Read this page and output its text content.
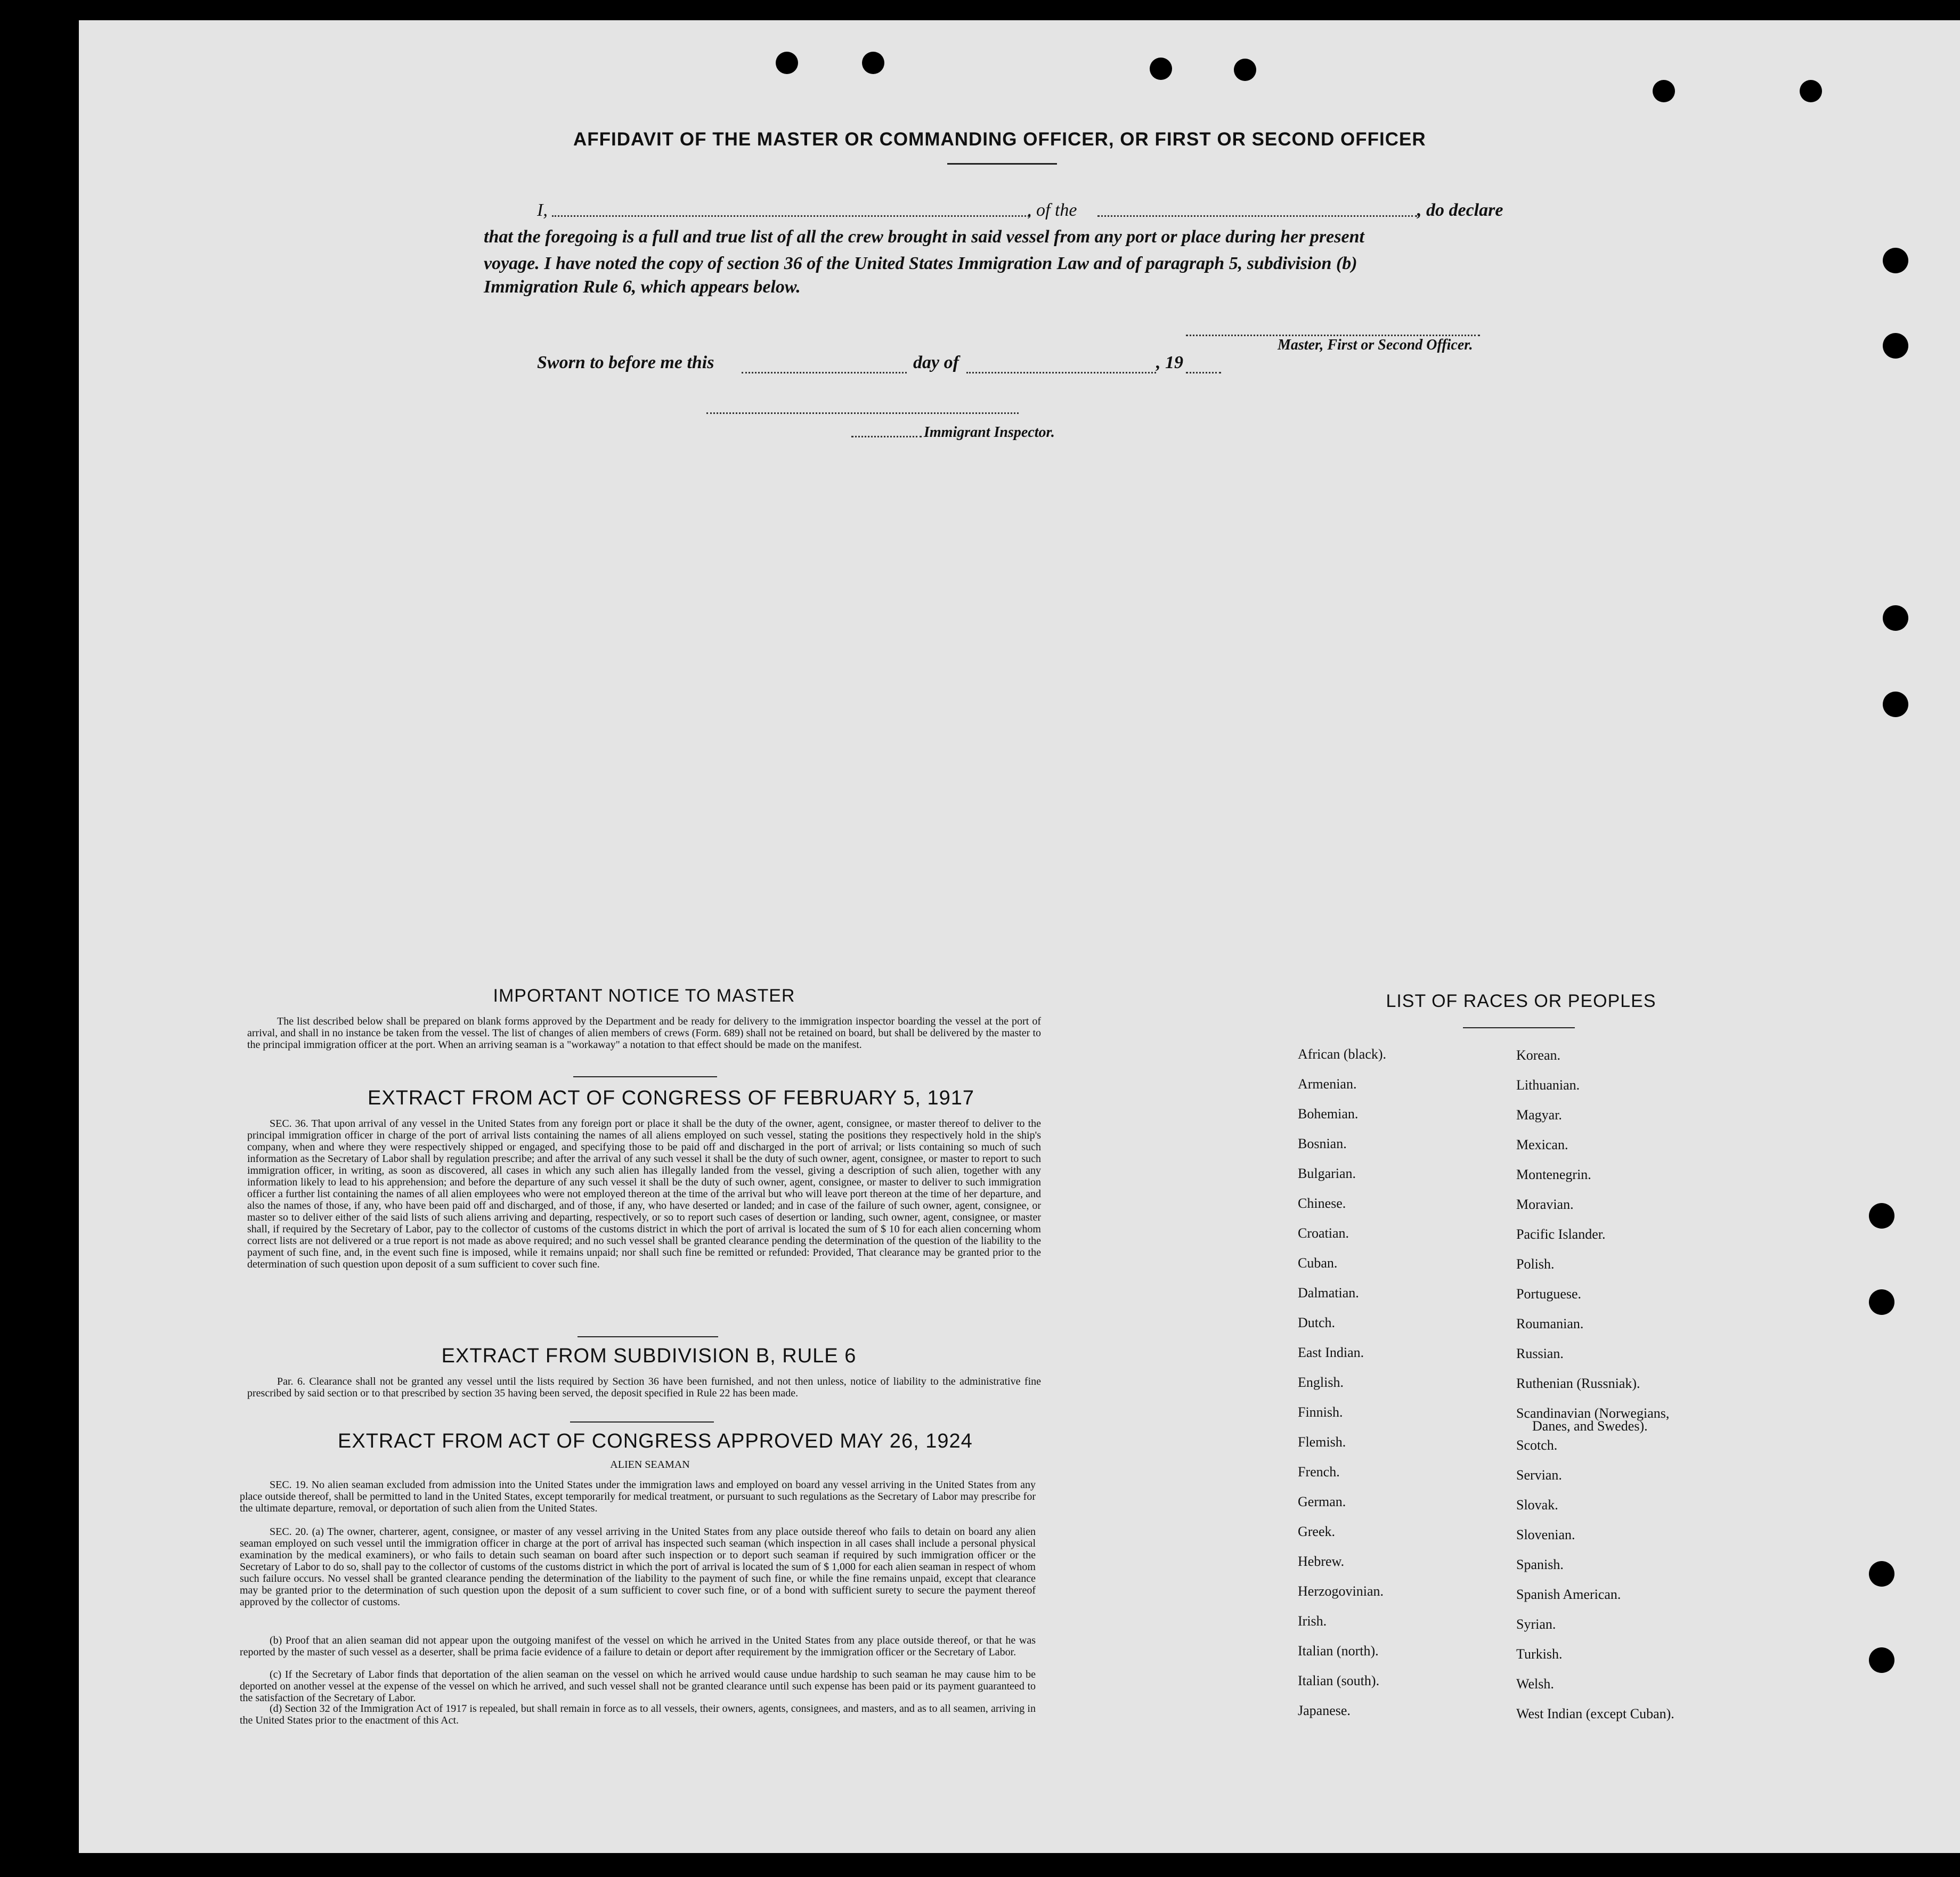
AFFIDAVIT OF THE MASTER OR COMMANDING OFFICER, OR FIRST OR SECOND OFFICER
I,	, of the	, do declare
that the foregoing is a full and true list of all the crew brought in said vessel from any port or place during her present
voyage. I have noted the copy of section 36 of the United States Immigration Law and of paragraph 5, subdivision (b)
Immigration Rule 6, which appears below.
Master, First or Second Officer.
Sworn to before me this	day of	, 19
Immigrant Inspector.
IMPORTANT NOTICE TO MASTER
The list described below shall be prepared on blank forms approved by the Department and be ready for delivery to the immigration inspector boarding the vessel at the port of arrival, and shall in no instance be taken from the vessel. The list of changes of alien members of crews (Form. 689) shall not be retained on board, but shall be delivered by the master to the principal immigration officer at the port. When an arriving seaman is a "workaway" a notation to that effect should be made on the manifest.
EXTRACT FROM ACT OF CONGRESS OF FEBRUARY 5, 1917
SEC. 36. That upon arrival of any vessel in the United States from any foreign port or place it shall be the duty of the owner, agent, consignee, or master thereof to deliver to the principal immigration officer in charge of the port of arrival lists containing the names of all aliens employed on such vessel, stating the positions they respectively hold in the ship's company, when and where they were respectively shipped or engaged, and specifying those to be paid off and discharged in the port of arrival; or lists containing so much of such information as the Secretary of Labor shall by regulation prescribe; and after the arrival of any such vessel it shall be the duty of such owner, agent, consignee, or master to report to such immigration officer, in writing, as soon as discovered, all cases in which any such alien has illegally landed from the vessel, giving a description of such alien, together with any information likely to lead to his apprehension; and before the departure of any such vessel it shall be the duty of such owner, agent, consignee, or master to deliver to such immigration officer a further list containing the names of all alien employees who were not employed thereon at the time of the arrival but who will leave port thereon at the time of her departure, and also the names of those, if any, who have been paid off and discharged, and of those, if any, who have deserted or landed; and in case of the failure of such owner, agent, consignee, or master so to deliver either of the said lists of such aliens arriving and departing, respectively, or so to report such cases of desertion or landing, such owner, agent, consignee, or master shall, if required by the Secretary of Labor, pay to the collector of customs of the customs district in which the port of arrival is located the sum of $ 10 for each alien concerning whom correct lists are not delivered or a true report is not made as above required; and no such vessel shall be granted clearance pending the determination of the question of the liability to the payment of such fine, and, in the event such fine is imposed, while it remains unpaid; nor shall such fine be remitted or refunded: Provided, That clearance may be granted prior to the determination of such question upon deposit of a sum sufficient to cover such fine.
EXTRACT FROM SUBDIVISION B, RULE 6
Par. 6. Clearance shall not be granted any vessel until the lists required by Section 36 have been furnished, and not then unless, notice of liability to the administrative fine prescribed by said section or to that prescribed by section 35 having been served, the deposit specified in Rule 22 has been made.
EXTRACT FROM ACT OF CONGRESS APPROVED MAY 26, 1924
ALIEN SEAMAN
SEC. 19. No alien seaman excluded from admission into the United States under the immigration laws and employed on board any vessel arriving in the United States from any place outside thereof, shall be permitted to land in the United States, except temporarily for medical treatment, or pursuant to such regulations as the Secretary of Labor may prescribe for the ultimate departure, removal, or deportation of such alien from the United States.
SEC. 20. (a) The owner, charterer, agent, consignee, or master of any vessel arriving in the United States from any place outside thereof who fails to detain on board any alien seaman employed on such vessel until the immigration officer in charge at the port of arrival has inspected such seaman (which inspection in all cases shall include a personal physical examination by the medical examiners), or who fails to detain such seaman on board after such inspection or to deport such seaman if required by such immigration officer or the Secretary of Labor to do so, shall pay to the collector of customs of the customs district in which the port of arrival is located the sum of $ 1,000 for each alien seaman in respect of whom such failure occurs. No vessel shall be granted clearance pending the determination of the liability to the payment of such fine, or while the fine remains unpaid, except that clearance may be granted prior to the determination of such question upon the deposit of a sum sufficient to cover such fine, or of a bond with sufficient surety to secure the payment thereof approved by the collector of customs.
(b) Proof that an alien seaman did not appear upon the outgoing manifest of the vessel on which he arrived in the United States from any place outside thereof, or that he was reported by the master of such vessel as a deserter, shall be prima facie evidence of a failure to detain or deport after requirement by the immigration officer or the Secretary of Labor.
(c) If the Secretary of Labor finds that deportation of the alien seaman on the vessel on which he arrived would cause undue hardship to such seaman he may cause him to be deported on another vessel at the expense of the vessel on which he arrived, and such vessel shall not be granted clearance until such expense has been paid or its payment guaranteed to the satisfaction of the Secretary of Labor.
(d) Section 32 of the Immigration Act of 1917 is repealed, but shall remain in force as to all vessels, their owners, agents, consignees, and masters, and as to all seamen, arriving in the United States prior to the enactment of this Act.
LIST OF RACES OR PEOPLES
African (black).
Armenian.
Bohemian.
Bosnian.
Bulgarian.
Chinese.
Croatian.
Cuban.
Dalmatian.
Dutch.
East Indian.
English.
Finnish.
Flemish.
French.
German.
Greek.
Hebrew.
Herzogovinian.
Irish.
Italian (north).
Italian (south).
Japanese.
Korean.
Lithuanian.
Magyar.
Mexican.
Montenegrin.
Moravian.
Pacific Islander.
Polish.
Portuguese.
Roumanian.
Russian.
Ruthenian (Russniak).
Scandinavian (Norwegians,
Scotch.
Servian.
Slovak.
Slovenian.
Spanish.
Spanish American.
Syrian.
Turkish.
Welsh.
West Indian (except Cuban).
Danes, and Swedes).
